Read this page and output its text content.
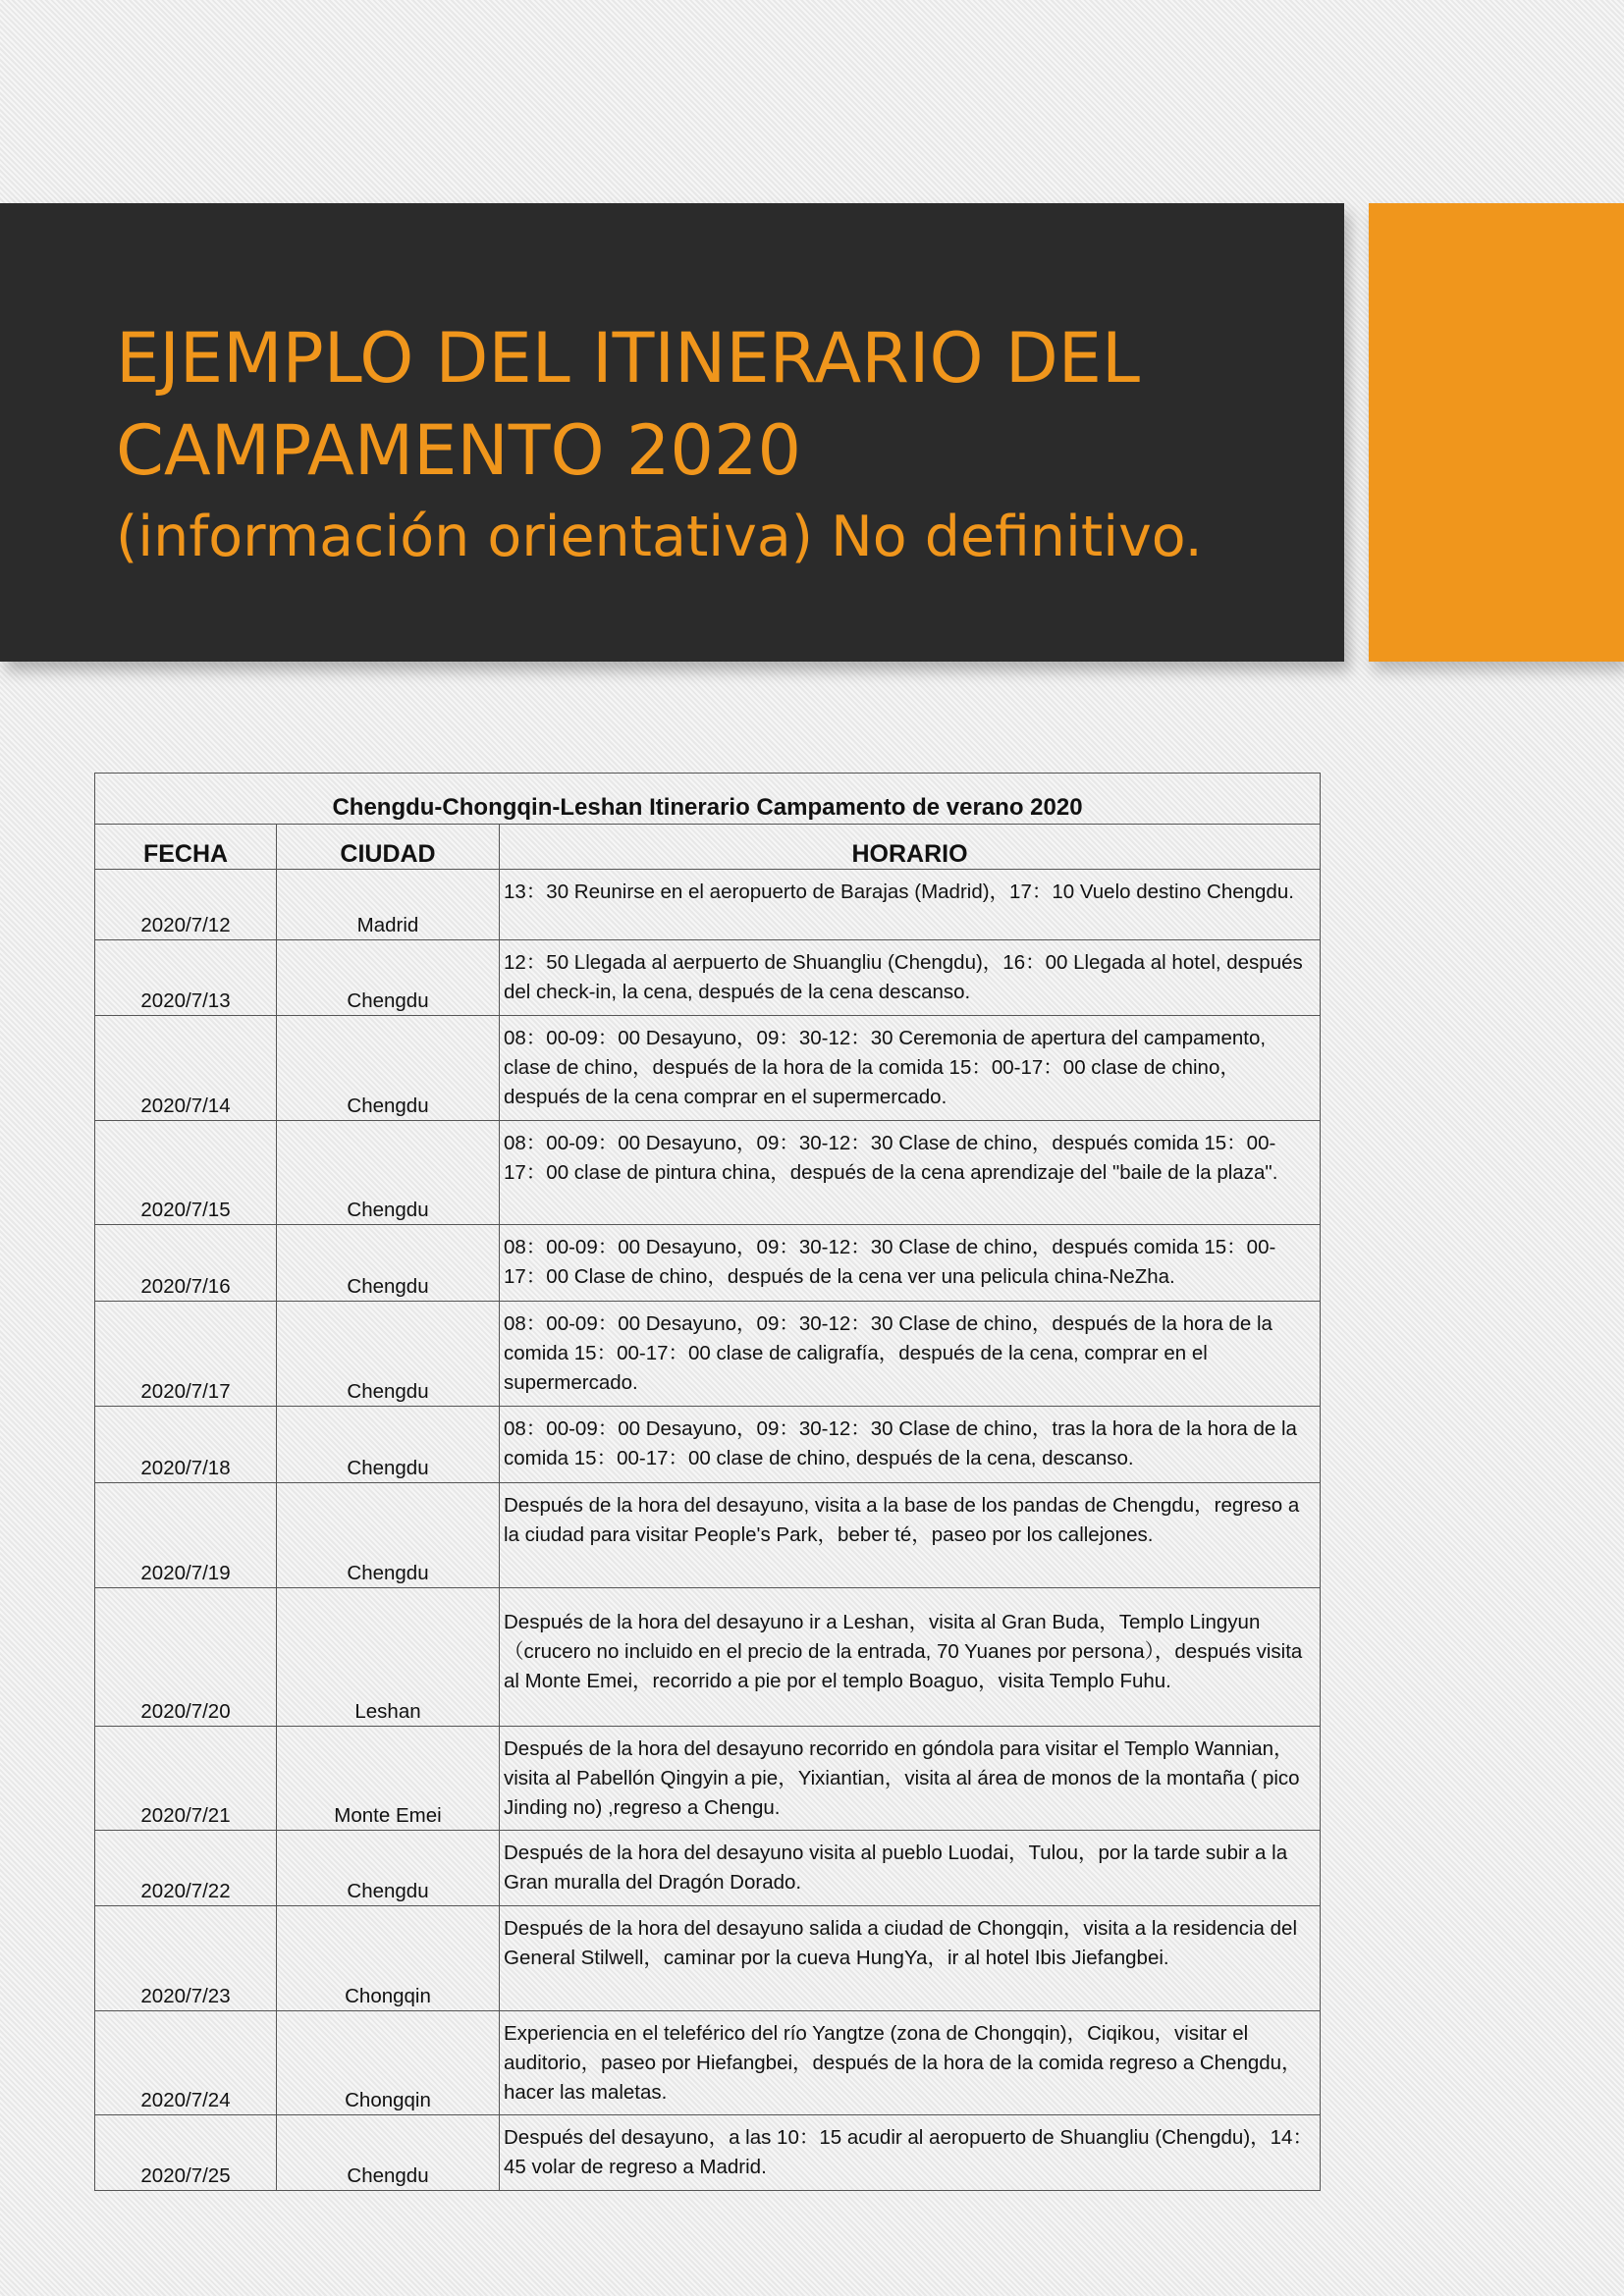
EJEMPLO DEL ITINERARIO DEL
CAMPAMENTO 2020
(información orientativa) No definitivo.
Chengdu-Chongqin-Leshan Itinerario Campamento de verano 2020		
FECHA	CIUDAD	HORARIO
2020/7/12	Madrid	13：30 Reunirse en el aeropuerto de Barajas (Madrid)，17：10 Vuelo destino Chengdu.
2020/7/13	Chengdu	12：50 Llegada al aerpuerto de Shuangliu (Chengdu)，16：00 Llegada al hotel, después del check-in, la cena, después de la cena descanso.
2020/7/14	Chengdu	08：00-09：00 Desayuno，09：30-12：30 Ceremonia de apertura del campamento, clase de chino，después de la hora de la comida 15：00-17：00 clase de chino，después de la cena comprar en el supermercado.
2020/7/15	Chengdu	08：00-09：00 Desayuno，09：30-12：30 Clase de chino，después comida 15：00-17：00 clase de pintura china，después de la cena aprendizaje del "baile de la plaza".
2020/7/16	Chengdu	08：00-09：00 Desayuno，09：30-12：30 Clase de chino，después comida 15：00-17：00 Clase de chino，después de la cena ver una pelicula china-NeZha.
2020/7/17	Chengdu	08：00-09：00 Desayuno，09：30-12：30 Clase de chino，después de la hora de la comida 15：00-17：00 clase de caligrafía，después de la cena, comprar en el supermercado.
2020/7/18	Chengdu	08：00-09：00 Desayuno，09：30-12：30 Clase de chino，tras la hora de la hora de la comida 15：00-17：00 clase de chino, después de la cena, descanso.
2020/7/19	Chengdu	Después de la hora del desayuno, visita a la base de los pandas de Chengdu，regreso a la ciudad para visitar People's Park，beber té，paseo por los callejones.
2020/7/20	Leshan	Después de la hora del desayuno ir a Leshan，visita al Gran Buda，Templo Lingyun（crucero no incluido en el precio de la entrada, 70 Yuanes por persona），después visita al Monte Emei，recorrido a pie por el templo Boaguo，visita Templo Fuhu.
2020/7/21	Monte Emei	Después de la hora del desayuno recorrido en góndola para visitar el Templo Wannian，visita al Pabellón Qingyin a pie，Yixiantian，visita al área de monos de la montaña ( pico Jinding no) ,regreso a Chengu.
2020/7/22	Chengdu	Después de la hora del desayuno visita al pueblo Luodai，Tulou，por la tarde subir a la Gran muralla del Dragón Dorado.
2020/7/23	Chongqin	Después de la hora del desayuno salida a ciudad de Chongqin，visita a la residencia del General Stilwell，caminar por la cueva HungYa，ir al hotel Ibis Jiefangbei.
2020/7/24	Chongqin	Experiencia en el teleférico del río Yangtze (zona de Chongqin)，Ciqikou，visitar el auditorio，paseo por Hiefangbei，después de la hora de la comida regreso a Chengdu，hacer las maletas.
2020/7/25	Chengdu	Después del desayuno，a las 10：15 acudir al aeropuerto de Shuangliu (Chengdu)，14：45 volar de regreso a Madrid.
